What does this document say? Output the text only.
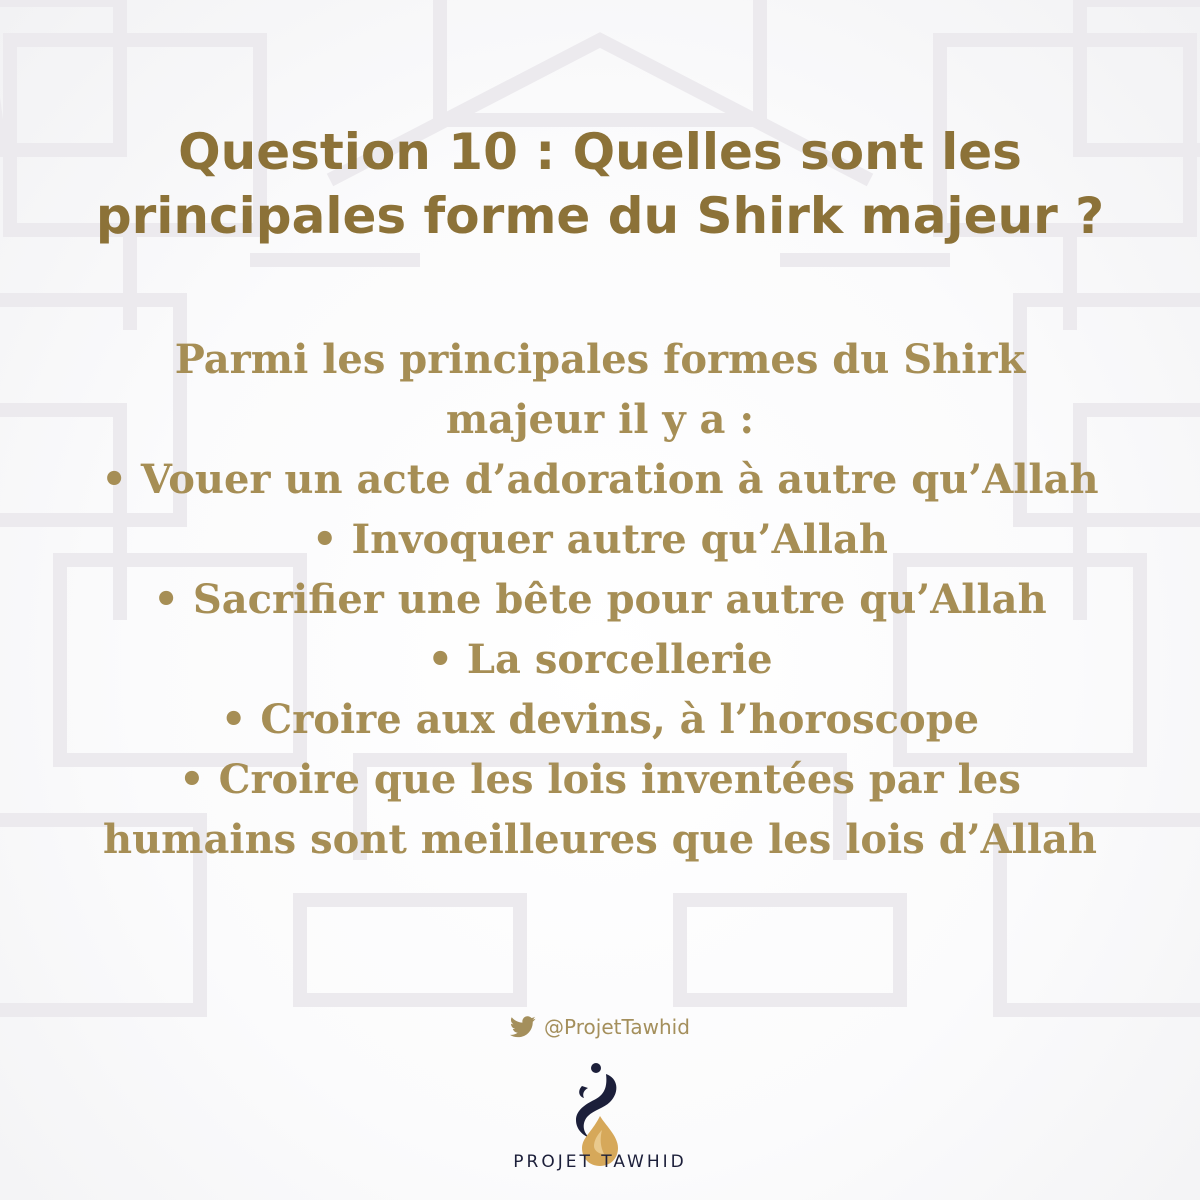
Question 10 : Quelles sont les
principales forme du Shirk majeur ?
Parmi les principales formes du Shirk
majeur il y a :
• Vouer un acte d’adoration à autre qu’Allah
• Invoquer autre qu’Allah
• Sacrifier une bête pour autre qu’Allah
• La sorcellerie
• Croire aux devins, à l’horoscope
• Croire que les lois inventées par les
humains sont meilleures que les lois d’Allah
@ProjetTawhid
PROJET TAWHID
